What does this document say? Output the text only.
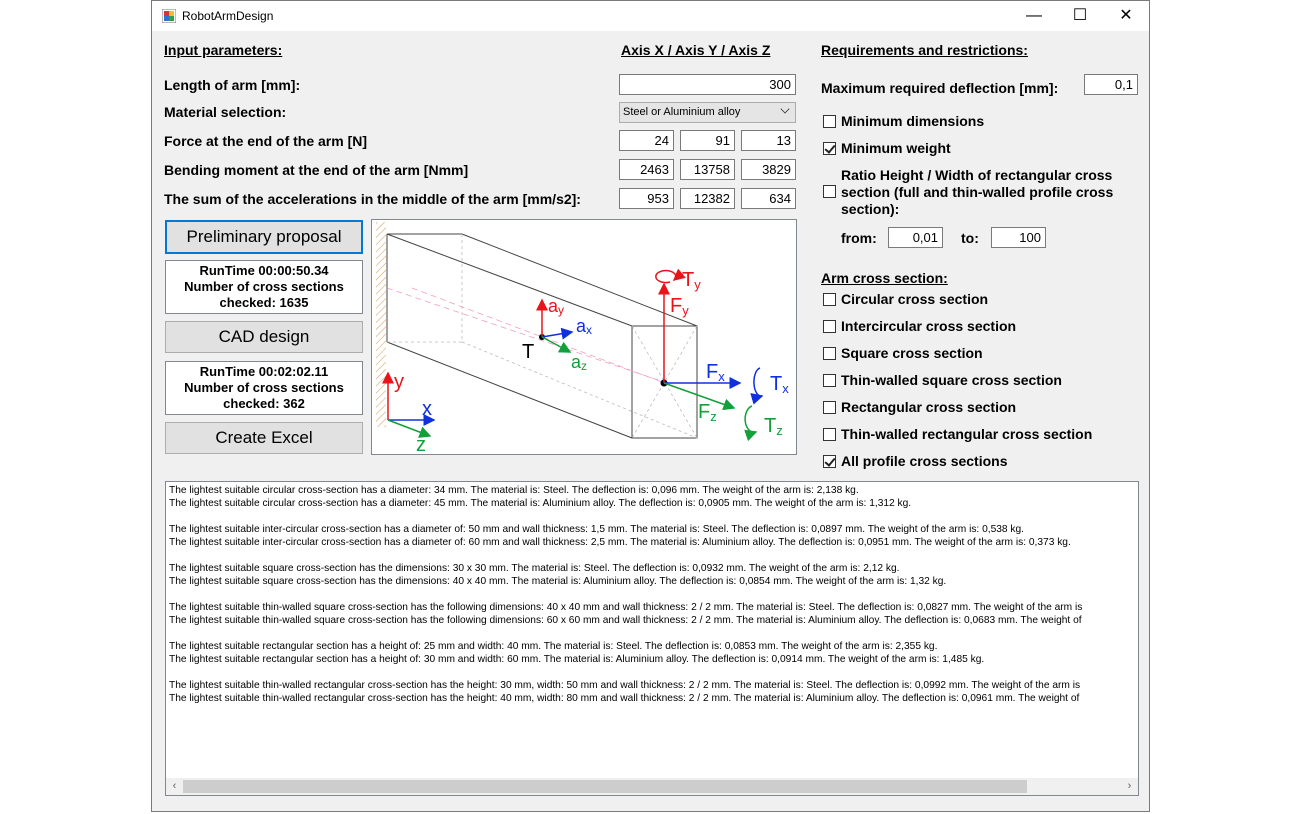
RobotArmDesign	—	☐	✕
Input parameters:	Axis X / Axis Y / Axis Z
Length of arm [mm]:	300
Material selection:	Steel or Aluminium alloy
Force at the end of the arm [N]	24	91	13
Bending moment at the end of the arm [Nmm]	2463	13758	3829
The sum of the accelerations in the middle of the arm [mm/s2]:	953	12382	634
Preliminary proposal
RunTime 00:00:50.34
Number of cross sections
checked: 1635
CAD design
RunTime 00:02:02.11
Number of cross sections
checked: 362
Create Excel
T
ay
ax
az
Ty
Fy
Fx Tx
Fz Tz
y
x
z
Requirements and restrictions:
Maximum required deflection [mm]:	0,1
Minimum dimensions
Minimum weight
Ratio Height / Width of rectangular cross
section (full and thin-walled profile cross
section):
from:	0,01	to:	100
Arm cross section:
Circular cross section
Intercircular cross section
Square cross section
Thin-walled square cross section
Rectangular cross section
Thin-walled rectangular cross section
All profile cross sections
The lightest suitable circular cross-section has a diameter: 34 mm. The material is: Steel. The deflection is: 0,096 mm. The weight of the arm is: 2,138 kg.
The lightest suitable circular cross-section has a diameter: 45 mm. The material is: Aluminium alloy. The deflection is: 0,0905 mm. The weight of the arm is: 1,312 kg.
The lightest suitable inter-circular cross-section has a diameter of: 50 mm and wall thickness: 1,5 mm. The material is: Steel. The deflection is: 0,0897 mm. The weight of the arm is: 0,538 kg.
The lightest suitable inter-circular cross-section has a diameter of: 60 mm and wall thickness: 2,5 mm. The material is: Aluminium alloy. The deflection is: 0,0951 mm. The weight of the arm is: 0,373 kg.
The lightest suitable square cross-section has the dimensions: 30 x 30 mm. The material is: Steel. The deflection is: 0,0932 mm. The weight of the arm is: 2,12 kg.
The lightest suitable square cross-section has the dimensions: 40 x 40 mm. The material is: Aluminium alloy. The deflection is: 0,0854 mm. The weight of the arm is: 1,32 kg.
The lightest suitable thin-walled square cross-section has the following dimensions: 40 x 40 mm and wall thickness: 2 / 2 mm. The material is: Steel. The deflection is: 0,0827 mm. The weight of the arm is
The lightest suitable thin-walled square cross-section has the following dimensions: 60 x 60 mm and wall thickness: 2 / 2 mm. The material is: Aluminium alloy. The deflection is: 0,0683 mm. The weight of
The lightest suitable rectangular section has a height of: 25 mm and width: 40 mm. The material is: Steel. The deflection is: 0,0853 mm. The weight of the arm is: 2,355 kg.
The lightest suitable rectangular section has a height of: 30 mm and width: 60 mm. The material is: Aluminium alloy. The deflection is: 0,0914 mm. The weight of the arm is: 1,485 kg.
The lightest suitable thin-walled rectangular cross-section has the height: 30 mm, width: 50 mm and wall thickness: 2 / 2 mm. The material is: Steel. The deflection is: 0,0992 mm. The weight of the arm is
The lightest suitable thin-walled rectangular cross-section has the height: 40 mm, width: 80 mm and wall thickness: 2 / 2 mm. The material is: Aluminium alloy. The deflection is: 0,0961 mm. The weight of
‹	›
